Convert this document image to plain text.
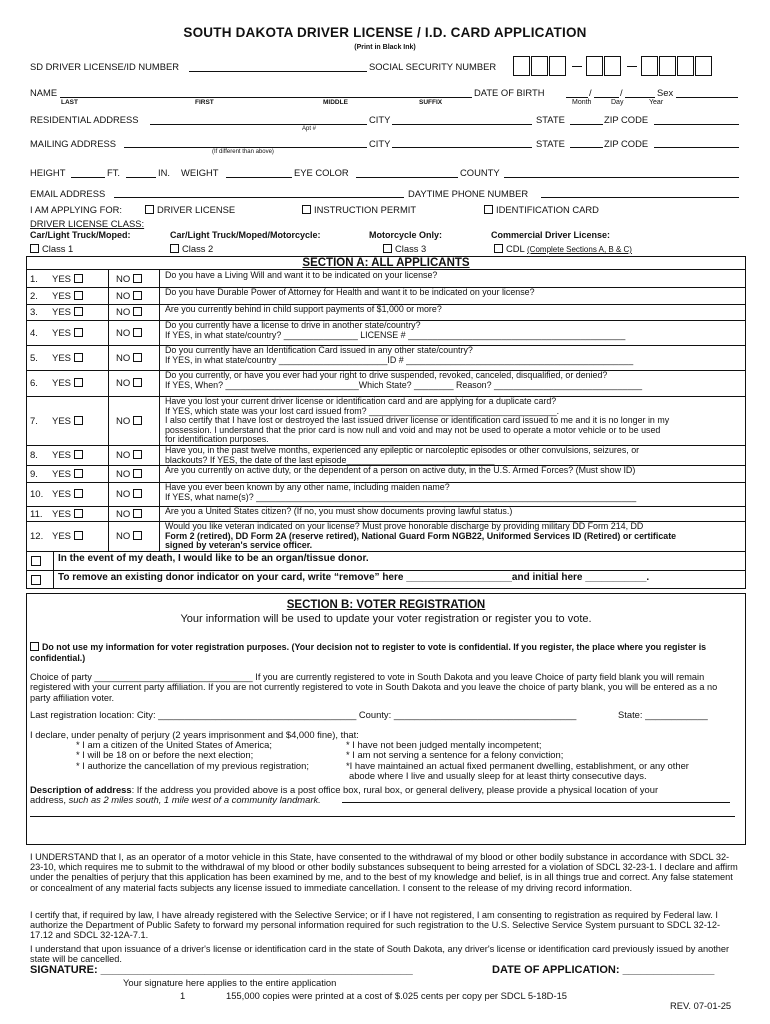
SOUTH DAKOTA DRIVER LICENSE / I.D. CARD APPLICATION
(Print in Black Ink)
SD DRIVER LICENSE/ID NUMBER	SOCIAL SECURITY NUMBER

NAME	DATE OF BIRTH	/	/	Sex
LAST	FIRST	MIDDLE	SUFFIX	Month	Day	Year
RESIDENTIAL ADDRESS	CITY	STATE	ZIP CODE
Apt #
MAILING ADDRESS	CITY	STATE	ZIP CODE
(If different than above)
HEIGHT	FT.	IN. WEIGHT	EYE COLOR	COUNTY
EMAIL ADDRESS	DAYTIME PHONE NUMBER
I AM APPLYING FOR:	DRIVER LICENSE	INSTRUCTION PERMIT	IDENTIFICATION CARD
DRIVER LICENSE CLASS:
Car/Light Truck/Moped:	Car/Light Truck/Moped/Motorcycle:	Motorcycle Only:	Commercial Driver License:
Class 1	Class 2	Class 3	CDL (Complete Sections A, B & C)
SECTION A: ALL APPLICANTS
1. YES	NO	Do you have a Living Will and want it to be indicated on your license?
2. YES	NO	Do you have Durable Power of Attorney for Health and want it to be indicated on your license?
3. YES	NO	Are you currently behind in child support payments of $1,000 or more?
4. YES	NO
Do you currently have a license to drive in another state/country?
If YES, in what state/country? _______________ LICENSE # ____________________________________________
5. YES	NO
Do you currently have an Identification Card issued in any other state/country?
If YES, in what state/country ______________________ID # ______________________________________________
6. YES	NO
Do you currently, or have you ever had your right to drive suspended, revoked, canceled, disqualified, or denied?
If YES, When? ___________________________Which State? ________ Reason? ______________________________
7. YES	NO
Have you lost your current driver license or identification card and are applying for a duplicate card?
If YES, which state was your lost card issued from? ______________________________________.
I also certify that I have lost or destroyed the last issued driver license or identification card issued to me and it is no longer in my
possession. I understand that the prior card is now null and void and may not be used to operate a motor vehicle or to be used
for identification purposes.
8. YES	NO	Have you, in the past twelve months, experienced any epileptic or narcoleptic episodes or other convulsions, seizures, or
blackouts? If YES, the date of the last episode______________________________
9. YES	NO	Are you currently on active duty, or the dependent of a person on active duty, in the U.S. Armed Forces? (Must show ID)
10. YES	NO
Have you ever been known by any other name, including maiden name?
If YES, what name(s)? _____________________________________________________________________________
11. YES	NO	Are you a United States citizen? (If no, you must show documents proving lawful status.)
12. YES	NO
Would you like veteran indicated on your license? Must prove honorable discharge by providing military DD Form 214, DD
Form 2 (retired), DD Form 2A (reserve retired), National Guard Form NGB22, Uniformed Services ID (Retired) or certificate
signed by veteran's service officer.
In the event of my death, I would like to be an organ/tissue donor.
To remove an existing donor indicator on your card, write “remove” here ___________________and initial here ___________.
SECTION B: VOTER REGISTRATION
Your information will be used to update your voter registration or register you to vote.
Do not use my information for voter registration purposes. (Your decision not to register to vote is confidential. If you register, the place where you register is confidential.)
Choice of party _______________________________ If you are currently registered to vote in South Dakota and you leave Choice of party field blank you will remain registered with your current party affiliation. If you are not currently registered to vote in South Dakota and you leave the choice of party blank, you will be entered as a no party affiliation voter.
Last registration location: City: ______________________________________ County: ___________________________________	State: ____________
I declare, under penalty of perjury (2 years imprisonment and $4,000 fine), that:
* I am a citizen of the United States of America;
* I will be 18 on or before the next election;
* I authorize the cancellation of my previous registration;
* I have not been judged mentally incompetent;
* I am not serving a sentence for a felony conviction;
*I have maintained an actual fixed permanent dwelling, establishment, or any other
abode where I live and usually sleep for at least thirty consecutive days.
Description of address: If the address you provided above is a post office box, rural box, or general delivery, please provide a physical location of your
address, such as 2 miles south, 1 mile west of a community landmark.
I UNDERSTAND that I, as an operator of a motor vehicle in this State, have consented to the withdrawal of my blood or other bodily substance in accordance with SDCL 32-23-10, which requires me to submit to the withdrawal of my blood or other bodily substances subsequent to being arrested for a violation of SDCL 32-23-1. I declare and affirm under the penalties of perjury that this application has been examined by me, and to the best of my knowledge and belief, is in all things true and correct. Any false statement or concealment of any material facts subjects any license issued to immediate cancellation. I consent to the release of my driving record information.
I certify that, if required by law, I have already registered with the Selective Service; or if I have not registered, I am consenting to registration as required by Federal law. I authorize the Department of Public Safety to forward my personal information required for such registration to the U.S. Selective Service System pursuant to SDCL 32-12-17.12 and SDCL 32-12A-7.1.
I understand that upon issuance of a driver's license or identification card in the state of South Dakota, any driver's license or identification card previously issued by another state will be cancelled.
SIGNATURE: ___________________________________________________	DATE OF APPLICATION: _______________
Your signature here applies to the entire application
1	155,000 copies were printed at a cost of $.025 cents per copy per SDCL 5-18D-15
REV. 07-01-25
